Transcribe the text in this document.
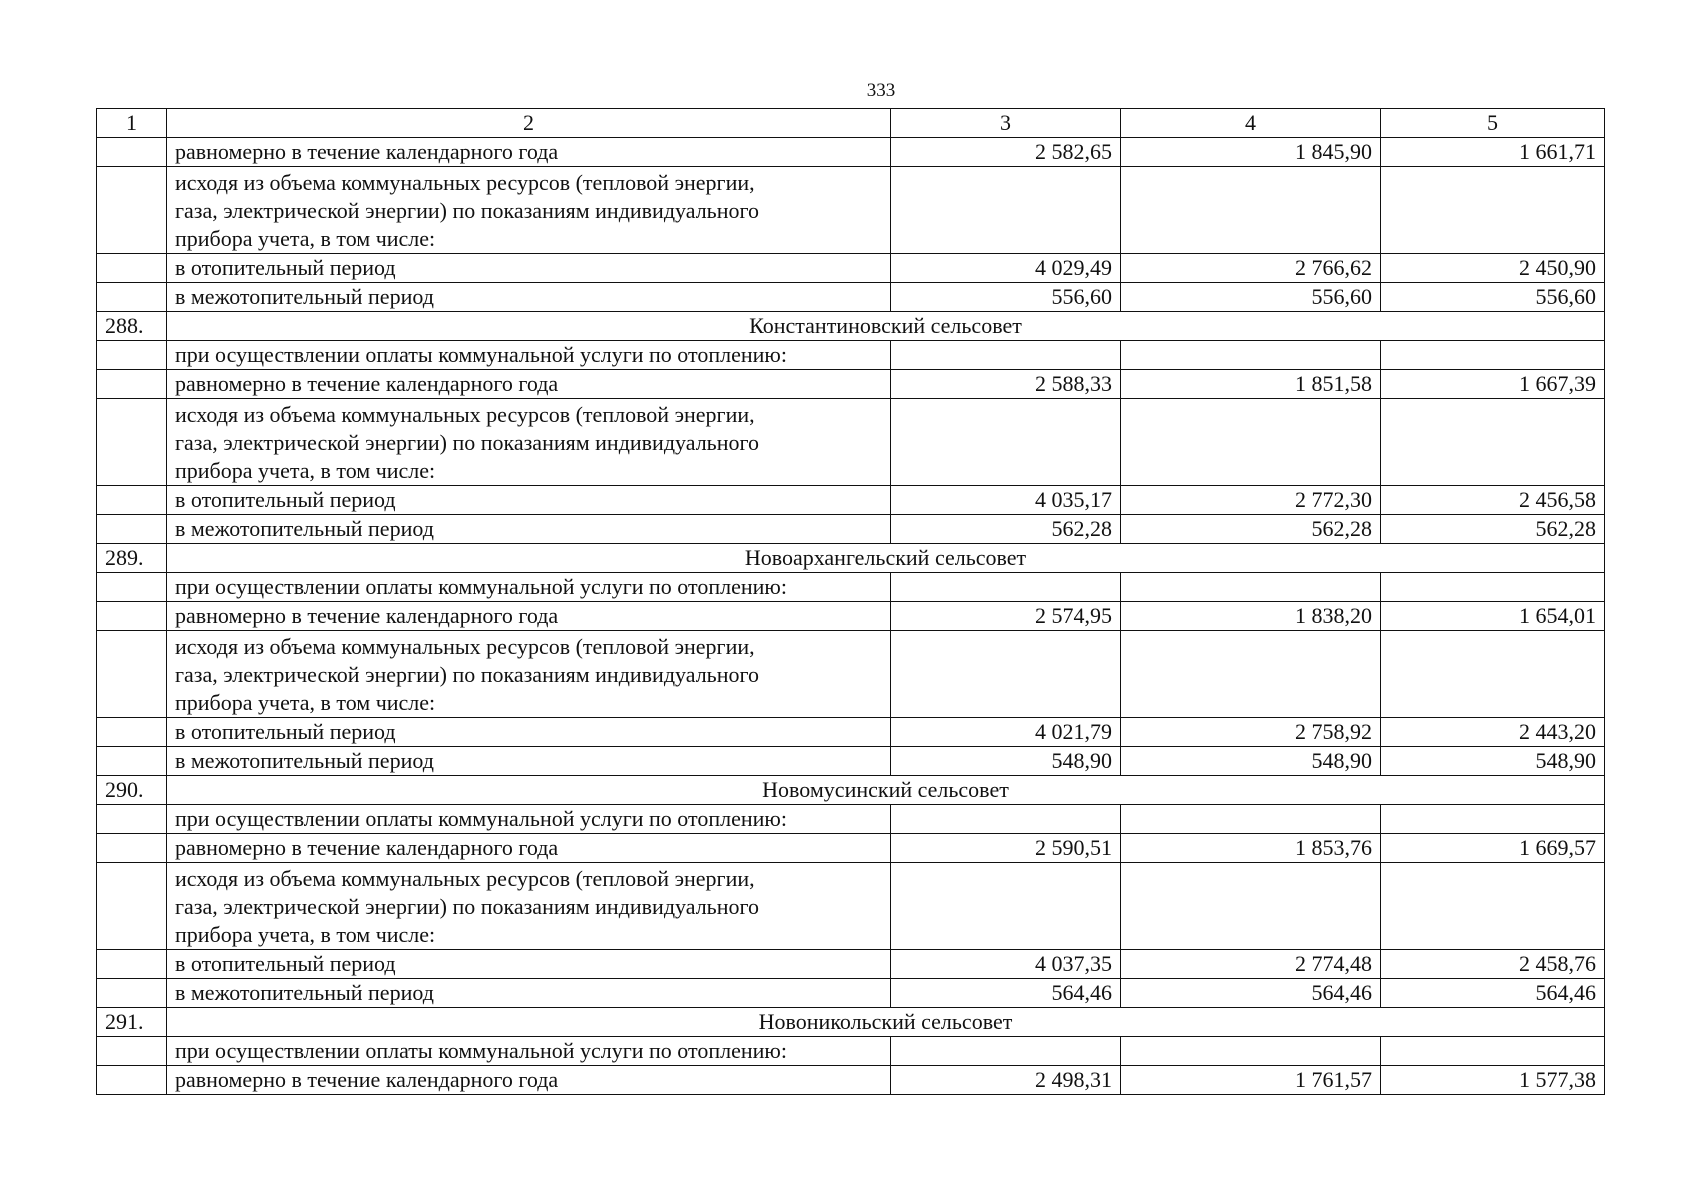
333
1	2	3	4	5
	равномерно в течение календарного года	2 582,65	1 845,90	1 661,71

	исходя из объема коммунальных ресурсов (тепловой энергии,
газа, электрической энергии) по показаниям индивидуального
прибора учета, в том числе:			

	в отопительный период	4 029,49	2 766,62	2 450,90
	в межотопительный период	556,60	556,60	556,60
288.	Константиновский сельсовет			
	при осуществлении оплаты коммунальной услуги по отоплению:			
	равномерно в течение календарного года	2 588,33	1 851,58	1 667,39

	исходя из объема коммунальных ресурсов (тепловой энергии,
газа, электрической энергии) по показаниям индивидуального
прибора учета, в том числе:			

	в отопительный период	4 035,17	2 772,30	2 456,58
	в межотопительный период	562,28	562,28	562,28
289.	Новоархангельский сельсовет			
	при осуществлении оплаты коммунальной услуги по отоплению:			
	равномерно в течение календарного года	2 574,95	1 838,20	1 654,01

	исходя из объема коммунальных ресурсов (тепловой энергии,
газа, электрической энергии) по показаниям индивидуального
прибора учета, в том числе:			

	в отопительный период	4 021,79	2 758,92	2 443,20
	в межотопительный период	548,90	548,90	548,90
290.	Новомусинский сельсовет			
	при осуществлении оплаты коммунальной услуги по отоплению:			
	равномерно в течение календарного года	2 590,51	1 853,76	1 669,57

	исходя из объема коммунальных ресурсов (тепловой энергии,
газа, электрической энергии) по показаниям индивидуального
прибора учета, в том числе:			

	в отопительный период	4 037,35	2 774,48	2 458,76
	в межотопительный период	564,46	564,46	564,46
291.	Новоникольский сельсовет			
	при осуществлении оплаты коммунальной услуги по отоплению:			
	равномерно в течение календарного года	2 498,31	1 761,57	1 577,38
